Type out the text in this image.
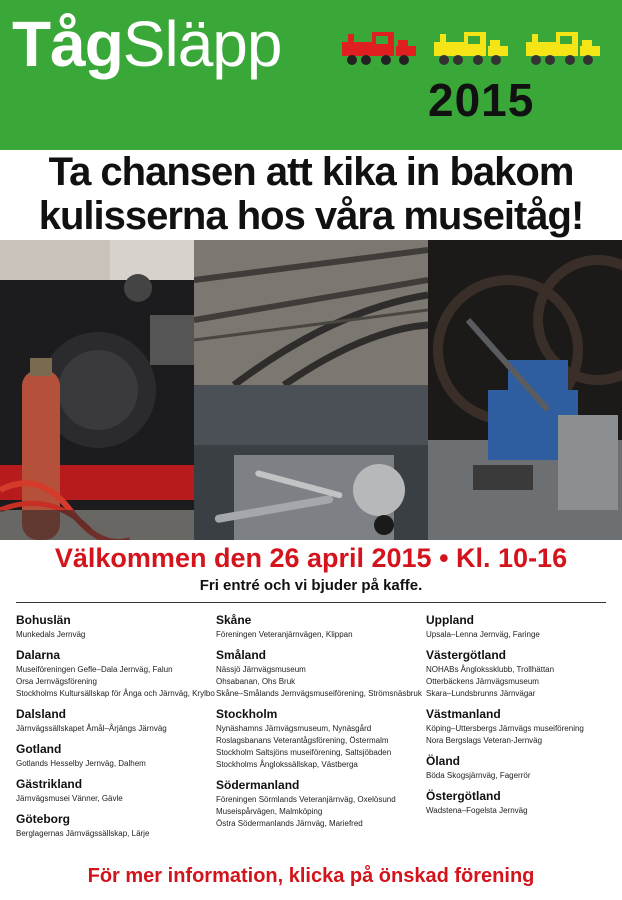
TågSläpp
2015
Ta chansen att kika in bakom
kulisserna hos våra museitåg!
Välkommen den 26 april 2015 • Kl. 10-16
Fri entré och vi bjuder på kaffe.
Bohuslän
Munkedals Jernväg
Dalarna
Museiföreningen Gefle–Dala Jernväg, Falun
Orsa Jernvägsförening
Stockholms Kultursällskap för Ånga och Järnväg, Krylbo
Dalsland
Järnvägssällskapet Åmål–Årjängs Järnväg
Gotland
Gotlands Hesselby Jernväg, Dalhem
Gästrikland
Järnvägsmusei Vänner, Gävle
Göteborg
Berglagernas Järnvägssällskap, Lärje
Skåne
Föreningen Veteranjärnvägen, Klippan
Småland
Nässjö Järnvägsmuseum
Ohsabanan, Ohs Bruk
Skåne–Smålands Jernvägsmuseiförening, Strömsnäsbruk
Stockholm
Nynäshamns Järnvägsmuseum, Nynäsgård
Roslagsbanans Veterantågsförening, Östermalm
Stockholm Saltsjöns museiförening, Saltsjöbaden
Stockholms Ånglokssällskap, Västberga
Södermanland
Föreningen Sörmlands Veteranjärnväg, Oxelösund
Museispårvägen, Malmköping
Östra Södermanlands Järnväg, Mariefred
Uppland
Upsala–Lenna Jernväg, Faringe
Västergötland
NOHABs Ånglokssklubb, Trollhättan
Otterbäckens Järnvägsmuseum
Skara–Lundsbrunns Järnvägar
Västmanland
Köping–Uttersbergs Järnvägs museiförening
Nora Bergslags Veteran-Jernväg
Öland
Böda Skogsjärnväg, Fagerrör
Östergötland
Wadstena–Fogelsta Jernväg
För mer information, klicka på önskad förening
